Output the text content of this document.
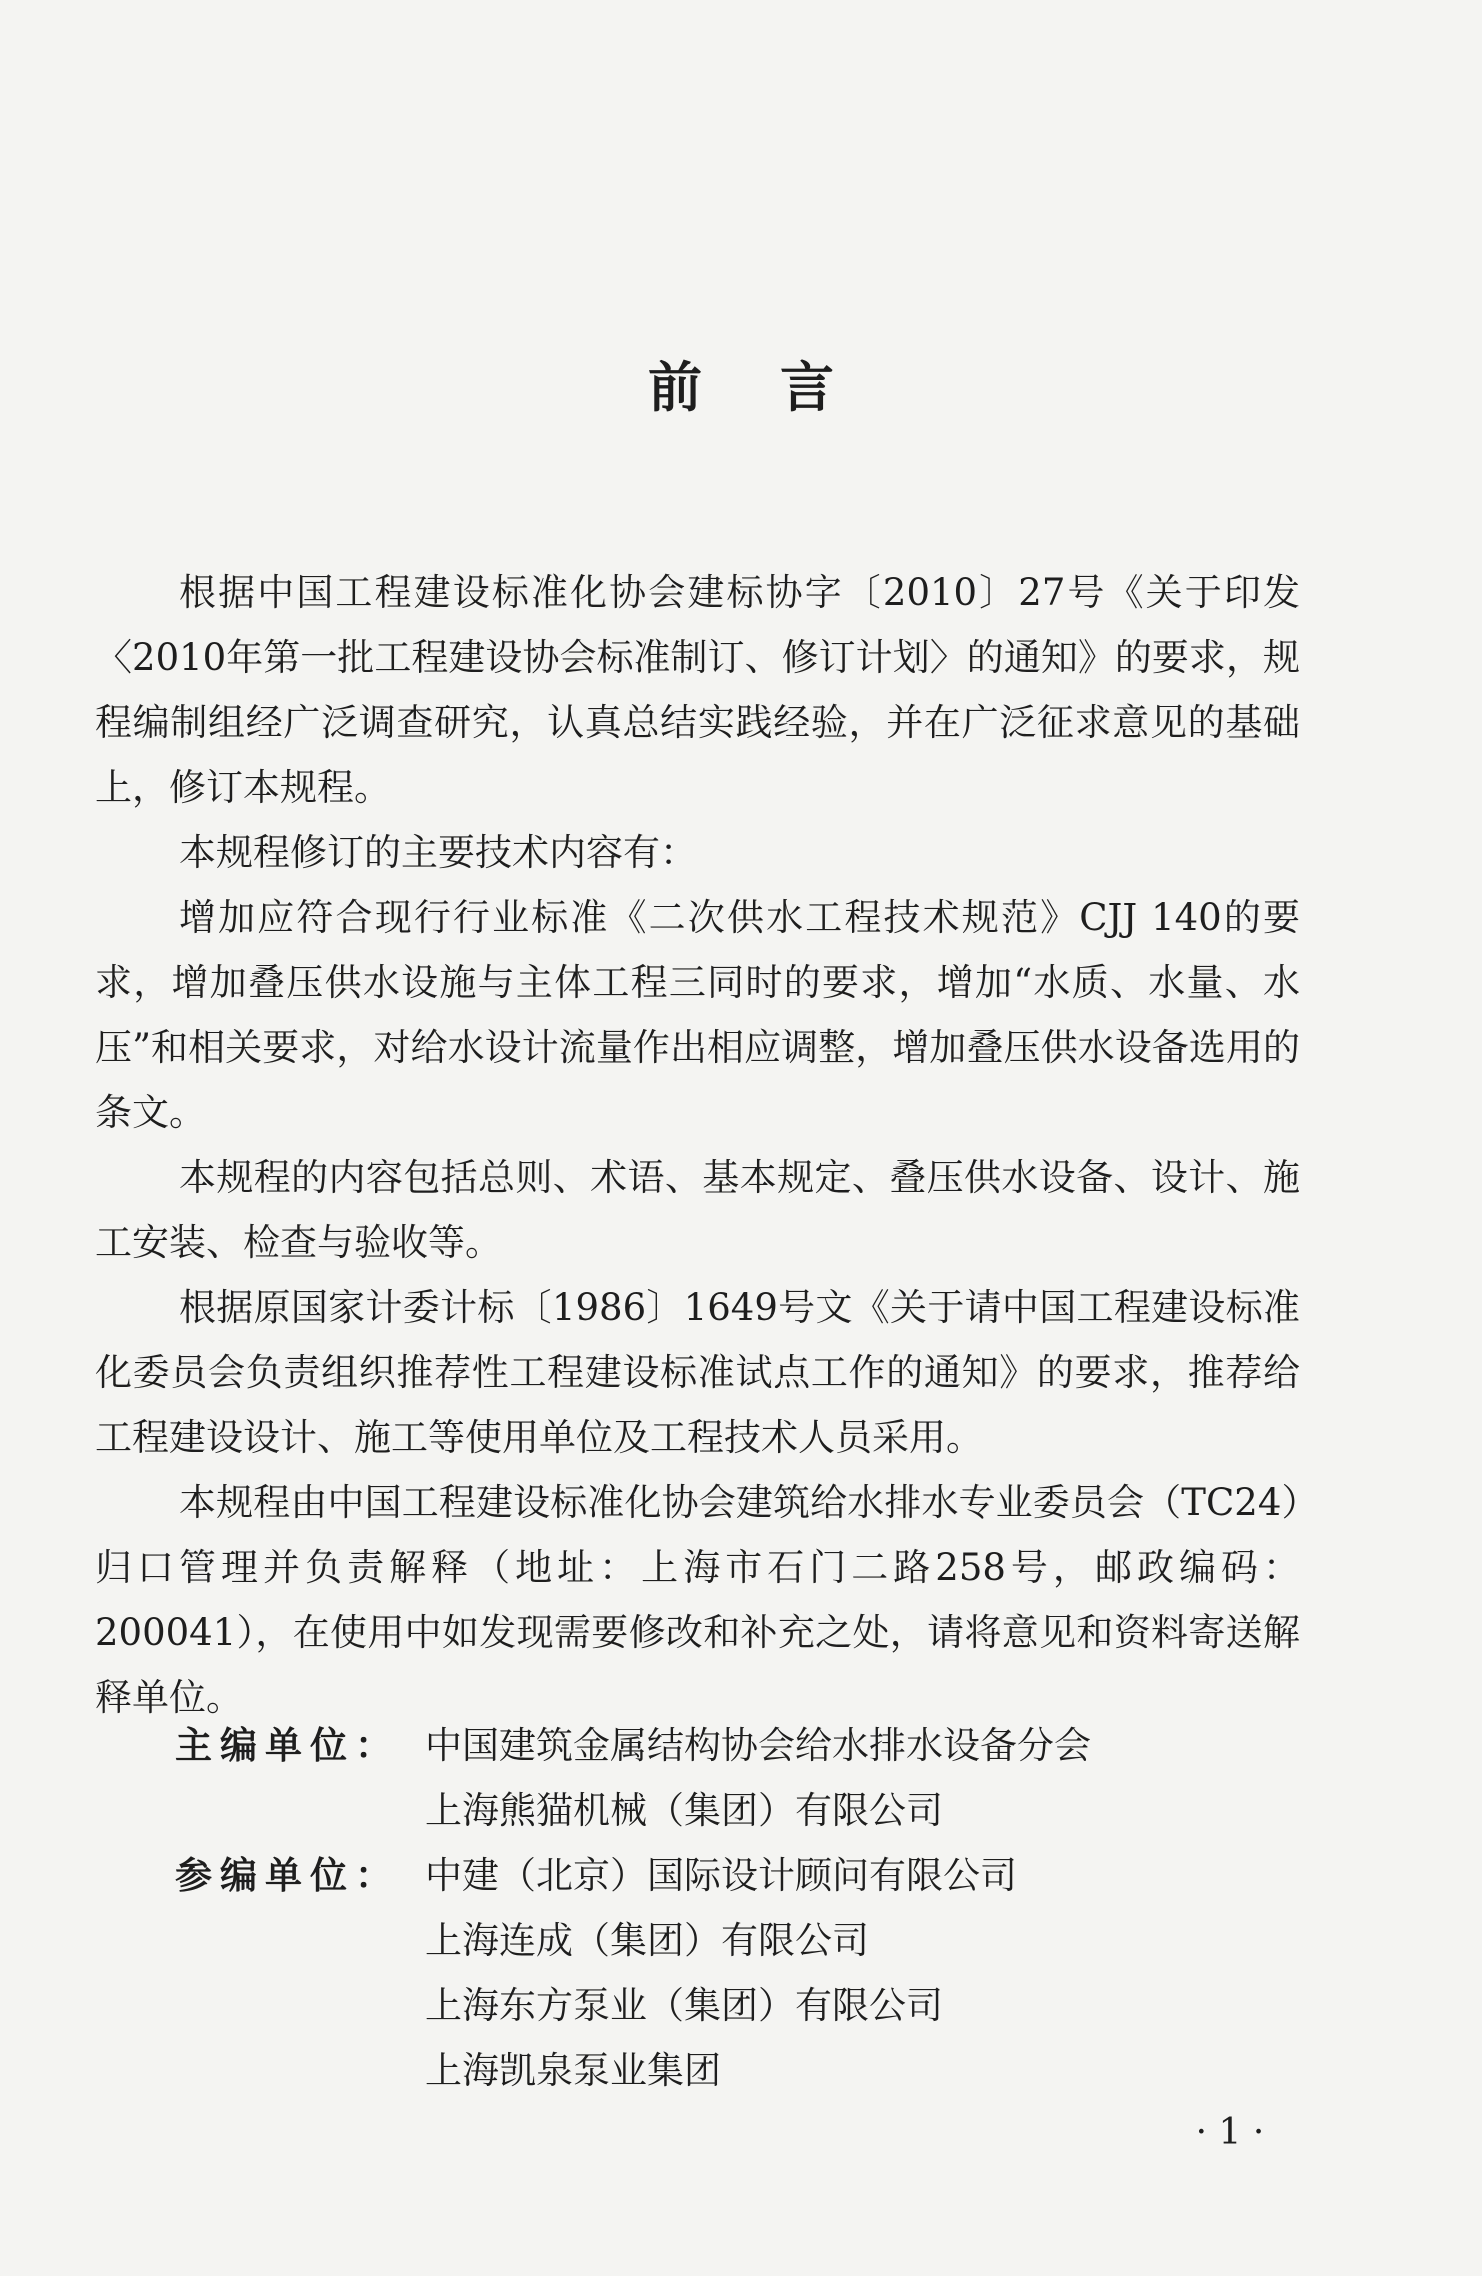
前言

根据中国工程建设标准化协会建标协字〔2010〕27号《关于印发〈2010年第一批工程建设协会标准制订、修订计划〉的通知》的要求，规程编制组经广泛调查研究，认真总结实践经验，并在广泛征求意见的基础上，修订本规程。

本规程修订的主要技术内容有：

增加应符合现行行业标准《二次供水工程技术规范》CJJ 140的要求，增加叠压供水设施与主体工程三同时的要求，增加“水质、水量、水压”和相关要求，对给水设计流量作出相应调整，增加叠压供水设备选用的条文。

本规程的内容包括总则、术语、基本规定、叠压供水设备、设计、施工安装、检查与验收等。

根据原国家计委计标〔1986〕1649号文《关于请中国工程建设标准化委员会负责组织推荐性工程建设标准试点工作的通知》的要求，推荐给工程建设设计、施工等使用单位及工程技术人员采用。

本规程由中国工程建设标准化协会建筑给水排水专业委员会（TC24）归口管理并负责解释（地址：上海市石门二路258号，邮政编码：200041），在使用中如发现需要修改和补充之处，请将意见和资料寄送解释单位。

主编单位： 中国建筑金属结构协会给水排水设备分会
上海熊猫机械（集团）有限公司
参编单位： 中建（北京）国际设计顾问有限公司
上海连成（集团）有限公司
上海东方泵业（集团）有限公司
上海凯泉泵业集团
· 1 ·
